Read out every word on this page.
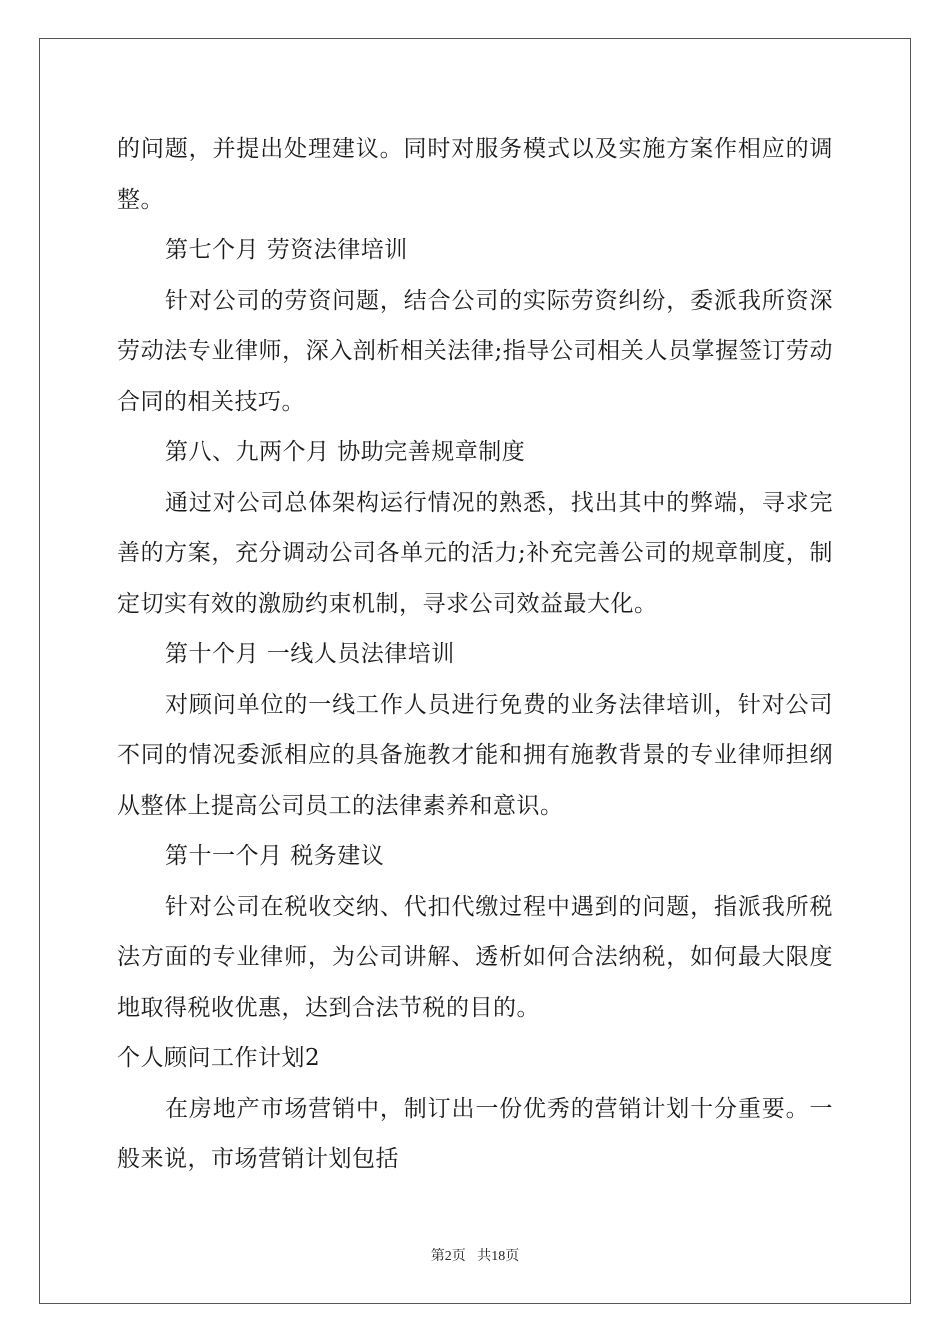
的问题，并提出处理建议。同时对服务模式以及实施方案作相应的调整。

第七个月 劳资法律培训

针对公司的劳资问题，结合公司的实际劳资纠纷，委派我所资深劳动法专业律师，深入剖析相关法律;指导公司相关人员掌握签订劳动合同的相关技巧。

第八、九两个月 协助完善规章制度

通过对公司总体架构运行情况的熟悉，找出其中的弊端，寻求完善的方案，充分调动公司各单元的活力;补充完善公司的规章制度，制定切实有效的激励约束机制，寻求公司效益最大化。

第十个月 一线人员法律培训

对顾问单位的一线工作人员进行免费的业务法律培训，针对公司不同的情况委派相应的具备施教才能和拥有施教背景的专业律师担纲从整体上提高公司员工的法律素养和意识。

第十一个月 税务建议

针对公司在税收交纳、代扣代缴过程中遇到的问题，指派我所税法方面的专业律师，为公司讲解、透析如何合法纳税，如何最大限度地取得税收优惠，达到合法节税的目的。

个人顾问工作计划2

在房地产市场营销中，制订出一份优秀的营销计划十分重要。一般来说，市场营销计划包括

第2页 共18页
